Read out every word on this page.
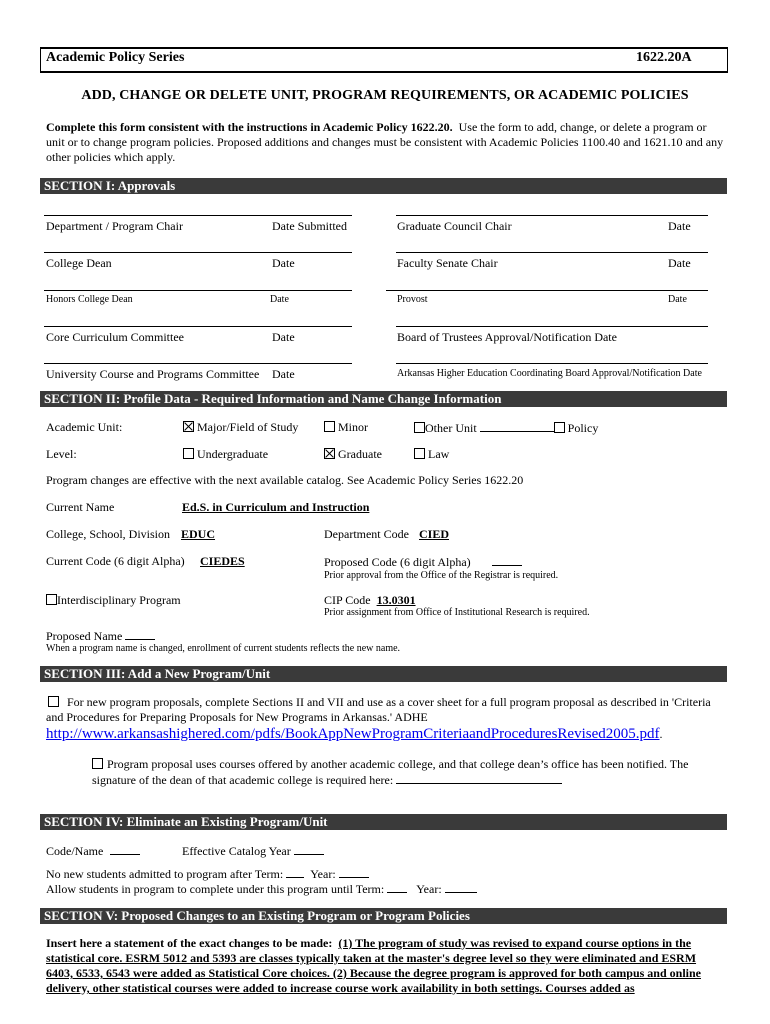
Academic Policy Series	1622.20A
ADD, CHANGE OR DELETE UNIT, PROGRAM REQUIREMENTS, OR ACADEMIC POLICIES
Complete this form consistent with the instructions in Academic Policy 1622.20. Use the form to add, change, or delete a program or unit or to change program policies. Proposed additions and changes must be consistent with Academic Policies 1100.40 and 1621.10 and any other policies which apply.
SECTION I: Approvals
Department / Program Chair	Date Submitted
College Dean	Date
Honors College Dean	Date
Core Curriculum Committee	Date
University Course and Programs Committee Date
Graduate Council Chair	Date
Faculty Senate Chair	Date
Provost	Date
Board of Trustees Approval/Notification Date
Arkansas Higher Education Coordinating Board Approval/Notification Date
SECTION II: Profile Data - Required Information and Name Change Information
Academic Unit:	Major/Field of Study	Minor	Other Unit	Policy
Level:	Undergraduate	Graduate	Law
Program changes are effective with the next available catalog. See Academic Policy Series 1622.20
Current Name	Ed.S. in Curriculum and Instruction
College, School, Division EDUC	Department Code CIED
Current Code (6 digit Alpha) CIEDES	Proposed Code (6 digit Alpha)
Prior approval from the Office of the Registrar is required.
Interdisciplinary Program	CIP Code 13.0301
Prior assignment from Office of Institutional Research is required.
Proposed Name
When a program name is changed, enrollment of current students reflects the new name.
SECTION III: Add a New Program/Unit
For new program proposals, complete Sections II and VII and use as a cover sheet for a full program proposal as described in 'Criteria and Procedures for Preparing Proposals for New Programs in Arkansas.' ADHE
http://www.arkansashighered.com/pdfs/BookAppNewProgramCriteriaandProceduresRevised2005.pdf.
Program proposal uses courses offered by another academic college, and that college dean’s office has been notified. The signature of the dean of that academic college is required here:
SECTION IV: Eliminate an Existing Program/Unit
Code/Name	Effective Catalog Year
No new students admitted to program after Term: Year:
Allow students in program to complete under this program until Term:	Year:
SECTION V: Proposed Changes to an Existing Program or Program Policies
Insert here a statement of the exact changes to be made: (1) The program of study was revised to expand course options in the statistical core. ESRM 5012 and 5393 are classes typically taken at the master's degree level so they were eliminated and ESRM 6403, 6533, 6543 were added as Statistical Core choices. (2) Because the degree program is approved for both campus and online delivery, other statistical courses were added to increase course work availability in both settings. Courses added as
